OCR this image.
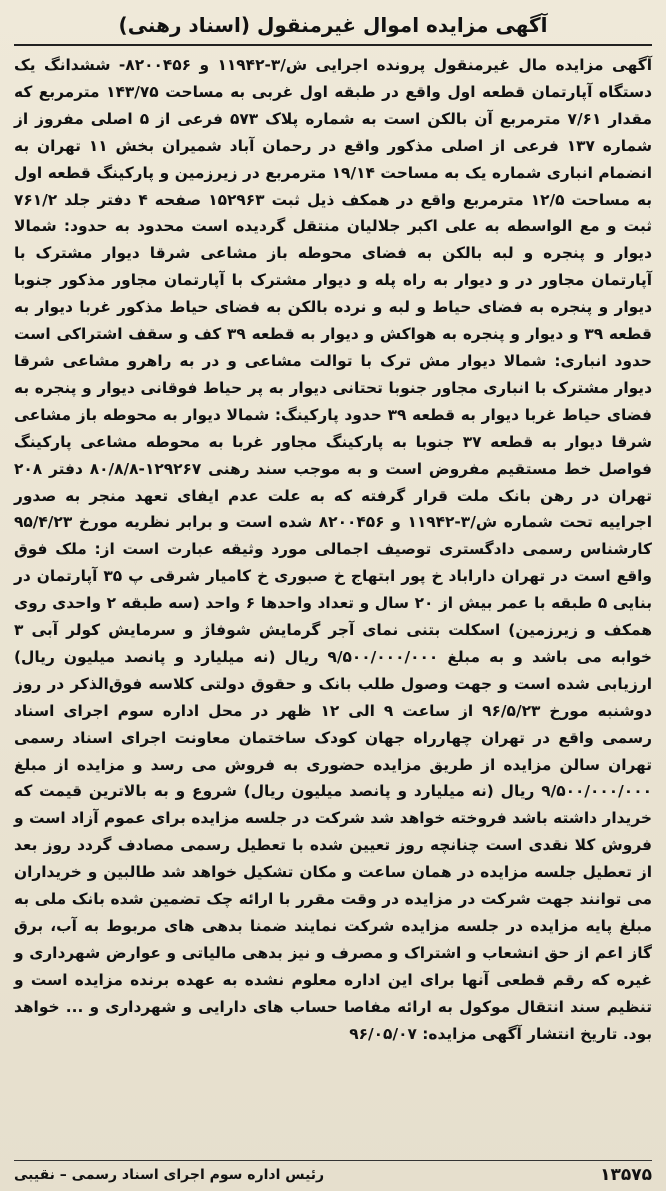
آگهی مزایده اموال غیرمنقول (اسناد رهنی)

آگهی مزایده مال غیرمنقول پرونده اجرایی ش/۳-۱۱۹۴۲ و ۸۲۰۰۴۵۶- ششدانگ یک دستگاه آپارتمان قطعه اول واقع در طبقه اول غربی به مساحت ۱۴۳/۷۵ مترمربع که مقدار ۷/۶۱ مترمربع آن بالکن است به شماره پلاک ۵۷۳ فرعی از ۵ اصلی مفروز از شماره ۱۳۷ فرعی از اصلی مذکور واقع در رحمان آباد شمیران بخش ۱۱ تهران به انضمام انباری شماره یک به مساحت ۱۹/۱۴ مترمربع در زیرزمین و پارکینگ قطعه اول به مساحت ۱۲/۵ مترمربع واقع در همکف ذیل ثبت ۱۵۲۹۶۳ صفحه ۴ دفتر جلد ۷۶۱/۲ ثبت و مع الواسطه به علی اکبر جلالیان منتقل گردیده است محدود به حدود: شمالا دیوار و پنجره و لبه بالکن به فضای محوطه باز مشاعی شرقا دیوار مشترک با آپارتمان مجاور در و دیوار به راه پله و دیوار مشترک با آپارتمان مجاور مذکور جنوبا دیوار و پنجره به فضای حیاط و لبه و نرده بالکن به فضای حیاط مذکور غربا دیوار به قطعه ۳۹ و دیوار و پنجره به هواکش و دیوار به قطعه ۳۹ کف و سقف اشتراکی است حدود انباری: شمالا دیوار مش ترک با توالت مشاعی و در به راهرو مشاعی شرقا دیوار مشترک با انباری مجاور جنوبا تحتانی دیوار به پر حیاط فوقانی دیوار و پنجره به فضای حیاط غربا دیوار به قطعه ۳۹ حدود پارکینگ: شمالا دیوار به محوطه باز مشاعی شرقا دیوار به قطعه ۳۷ جنوبا به پارکینگ مجاور غربا به محوطه مشاعی پارکینگ فواصل خط مستقیم مفروض است و به موجب سند رهنی ۱۲۹۲۶۷-۸۰/۸/۸ دفتر ۲۰۸ تهران در رهن بانک ملت قرار گرفته که به علت عدم ایفای تعهد منجر به صدور اجراییه تحت شماره ش/۳-۱۱۹۴۲ و ۸۲۰۰۴۵۶ شده است و برابر نظریه مورخ ۹۵/۴/۲۳ کارشناس رسمی دادگستری توصیف اجمالی مورد وثیقه عبارت است از: ملک فوق واقع است در تهران داراباد خ پور ابتهاج خ صبوری خ کامیار شرقی پ ۳۵ آپارتمان در بنایی ۵ طبقه با عمر بیش از ۲۰ سال و تعداد واحدها ۶ واحد (سه طبقه ۲ واحدی روی همکف و زیرزمین) اسکلت بتنی نمای آجر گرمایش شوفاژ و سرمایش کولر آبی ۳ خوابه می باشد و به مبلغ ۹/۵۰۰/۰۰۰/۰۰۰ ریال (نه میلیارد و پانصد میلیون ریال) ارزیابی شده است و جهت وصول طلب بانک و حقوق دولتی کلاسه فوق‌الذکر در روز دوشنبه مورخ ۹۶/۵/۲۳ از ساعت ۹ الی ۱۲ ظهر در محل اداره سوم اجرای اسناد رسمی واقع در تهران چهارراه جهان کودک ساختمان معاونت اجرای اسناد رسمی تهران سالن مزایده از طریق مزایده حضوری به فروش می رسد و مزایده از مبلغ ۹/۵۰۰/۰۰۰/۰۰۰ ریال (نه میلیارد و پانصد میلیون ریال) شروع و به بالاترین قیمت که خریدار داشته باشد فروخته خواهد شد شرکت در جلسه مزایده برای عموم آزاد است و فروش کلا نقدی است چنانچه روز تعیین شده با تعطیل رسمی مصادف گردد روز بعد از تعطیل جلسه مزایده در همان ساعت و مکان تشکیل خواهد شد طالبین و خریداران می توانند جهت شرکت در مزایده در وقت مقرر با ارائه چک تضمین شده بانک ملی به مبلغ پایه مزایده در جلسه مزایده شرکت نمایند ضمنا بدهی های مربوط به آب، برق گاز اعم از حق انشعاب و اشتراک و مصرف و نیز بدهی مالیاتی و عوارض شهرداری و غیره که رقم قطعی آنها برای این اداره معلوم نشده به عهده برنده مزایده است و تنظیم سند انتقال موکول به ارائه مفاصا حساب های دارایی و شهرداری و ... خواهد بود. تاریخ انتشار آگهی مزایده: ۹۶/۰۵/۰۷

۱۳۵۷۵
رئیس اداره سوم اجرای اسناد رسمی – نقیبی
